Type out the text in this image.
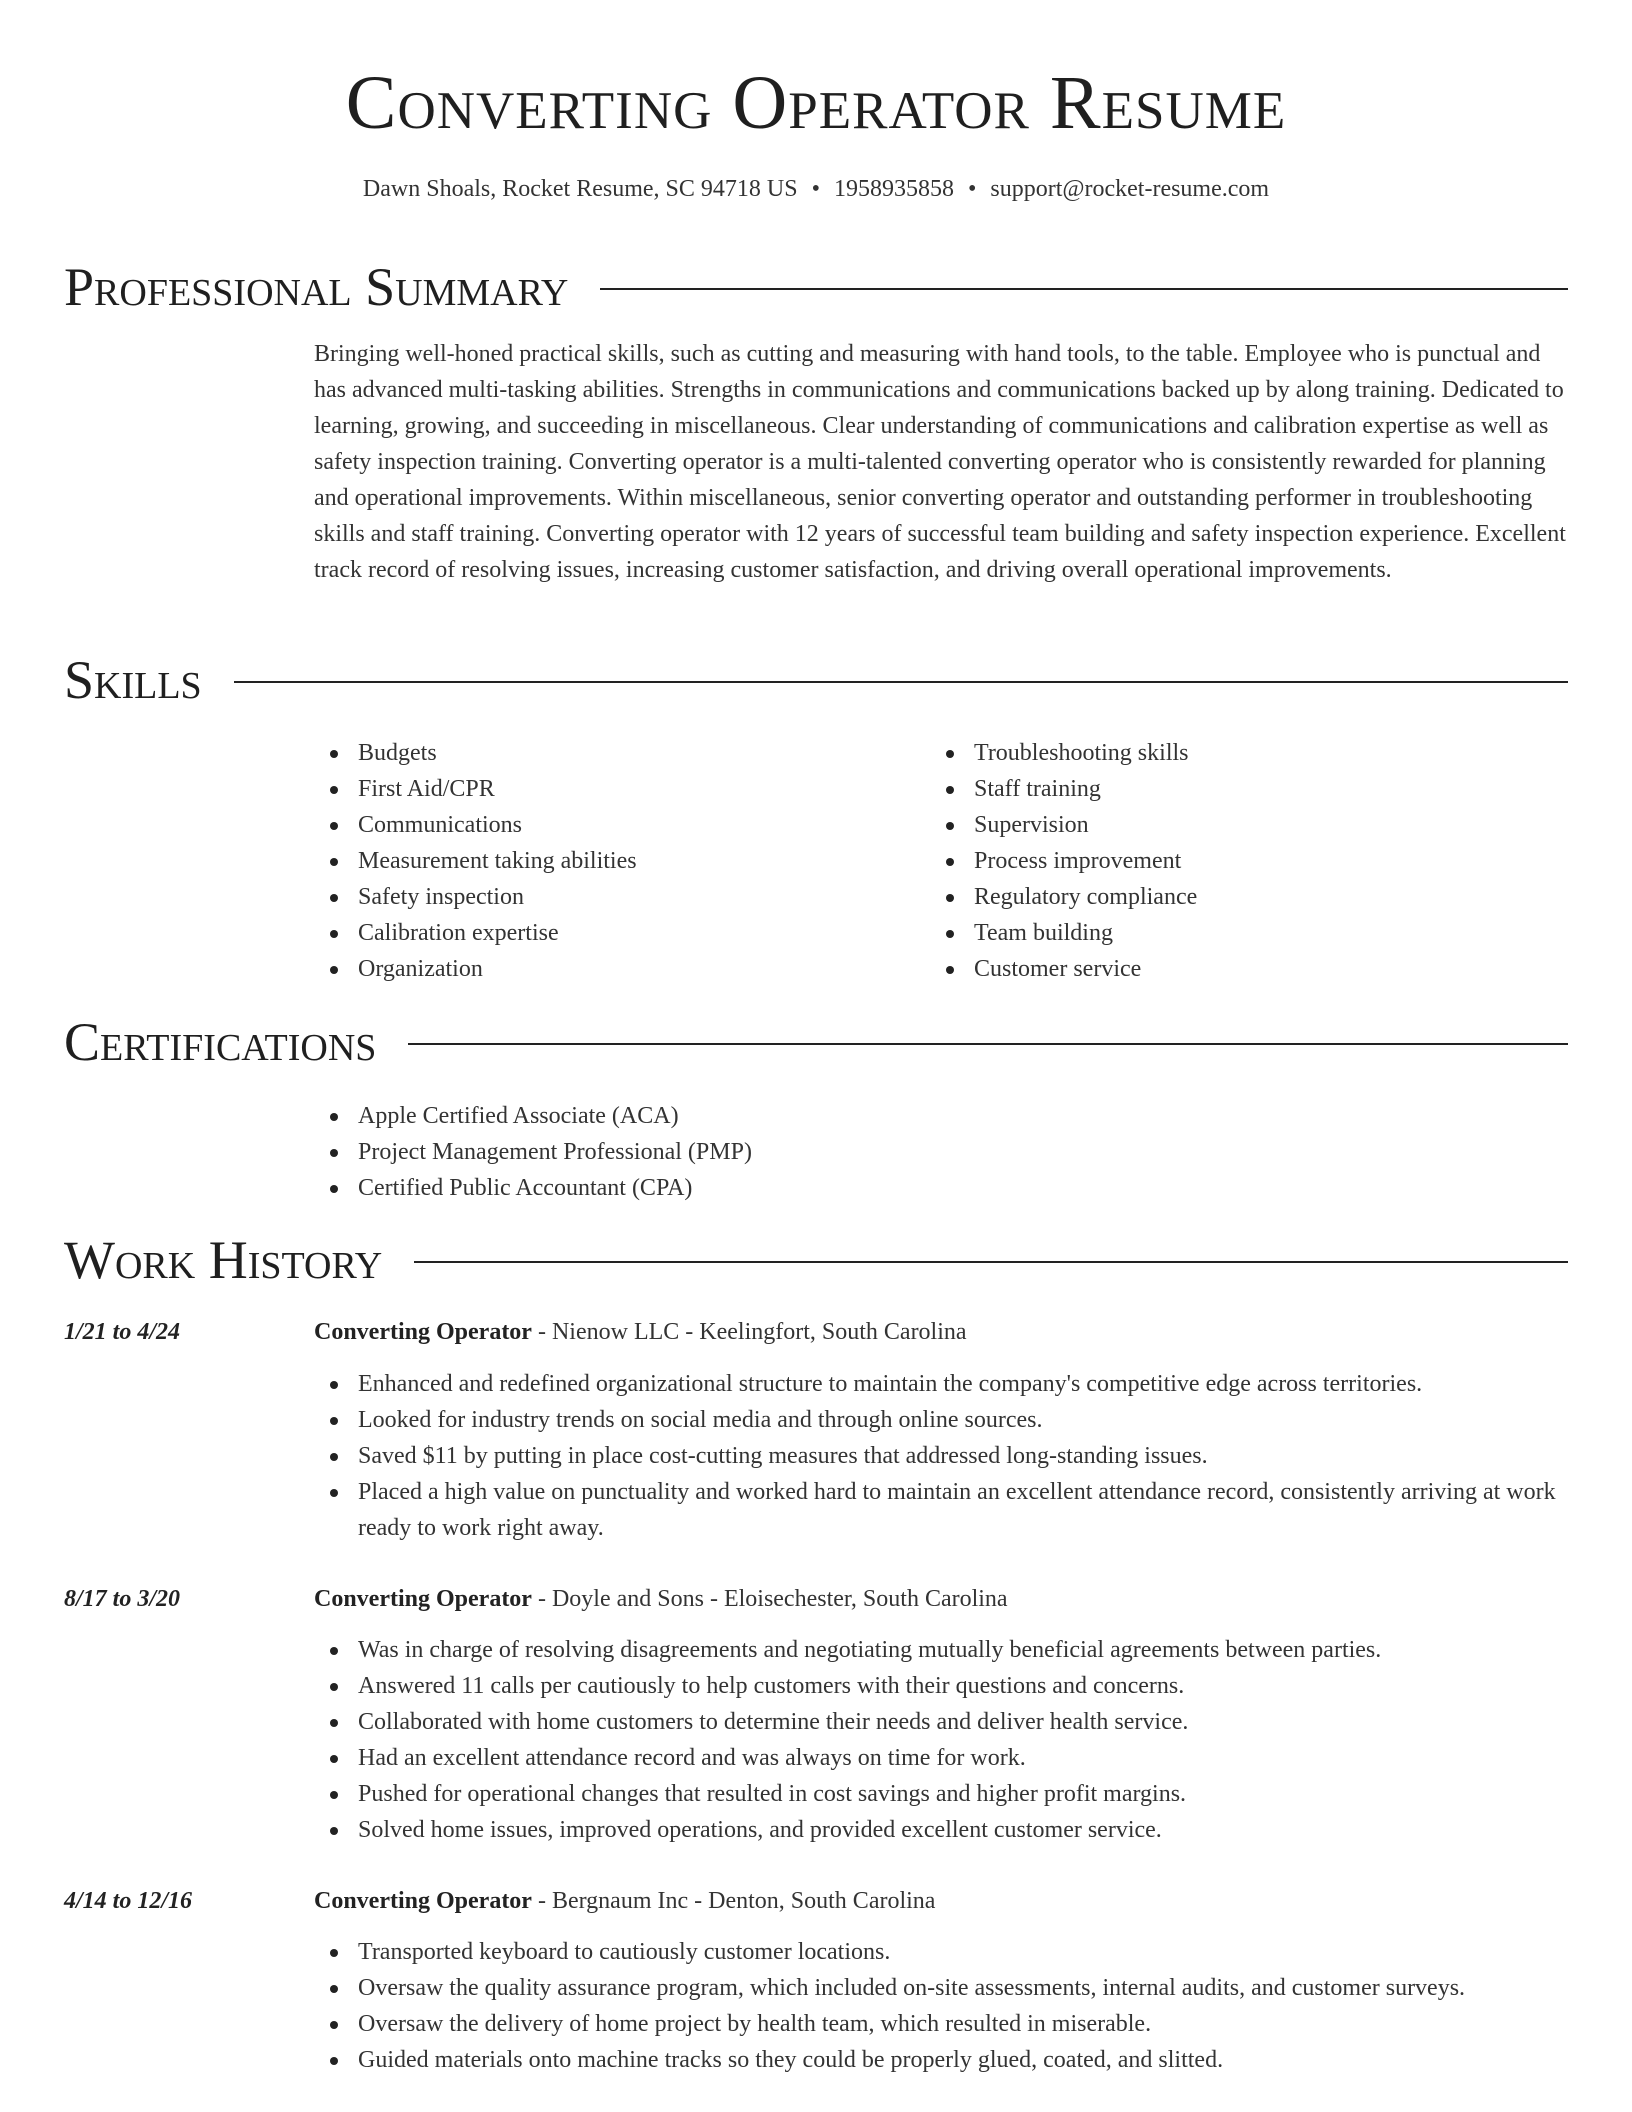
Converting Operator Resume
Dawn Shoals, Rocket Resume, SC 94718 US • 1958935858 • support@rocket-resume.com
Professional Summary

Bringing well-honed practical skills, such as cutting and measuring with hand tools, to the table. Employee who is punctual and has advanced multi-tasking abilities. Strengths in communications and communications backed up by along training. Dedicated to learning, growing, and succeeding in miscellaneous. Clear understanding of communications and calibration expertise as well as safety inspection training. Converting operator is a multi-talented converting operator who is consistently rewarded for planning and operational improvements. Within miscellaneous, senior converting operator and outstanding performer in troubleshooting skills and staff training. Converting operator with 12 years of successful team building and safety inspection experience. Excellent track record of resolving issues, increasing customer satisfaction, and driving overall operational improvements.

Skills
Budgets
First Aid/CPR
Communications
Measurement taking abilities
Safety inspection
Calibration expertise
Organization
Troubleshooting skills
Staff training
Supervision
Process improvement
Regulatory compliance
Team building
Customer service
Certifications
Apple Certified Associate (ACA)
Project Management Professional (PMP)
Certified Public Accountant (CPA)
Work History
1/21 to 4/24	Converting Operator - Nienow LLC - Keelingfort, South Carolina
Enhanced and redefined organizational structure to maintain the company's competitive edge across territories.
Looked for industry trends on social media and through online sources.
Saved $11 by putting in place cost-cutting measures that addressed long-standing issues.
Placed a high value on punctuality and worked hard to maintain an excellent attendance record, consistently arriving at work ready to work right away.
8/17 to 3/20	Converting Operator - Doyle and Sons - Eloisechester, South Carolina
Was in charge of resolving disagreements and negotiating mutually beneficial agreements between parties.
Answered 11 calls per cautiously to help customers with their questions and concerns.
Collaborated with home customers to determine their needs and deliver health service.
Had an excellent attendance record and was always on time for work.
Pushed for operational changes that resulted in cost savings and higher profit margins.
Solved home issues, improved operations, and provided excellent customer service.
4/14 to 12/16	Converting Operator - Bergnaum Inc - Denton, South Carolina
Transported keyboard to cautiously customer locations.
Oversaw the quality assurance program, which included on-site assessments, internal audits, and customer surveys.
Oversaw the delivery of home project by health team, which resulted in miserable.
Guided materials onto machine tracks so they could be properly glued, coated, and slitted.
